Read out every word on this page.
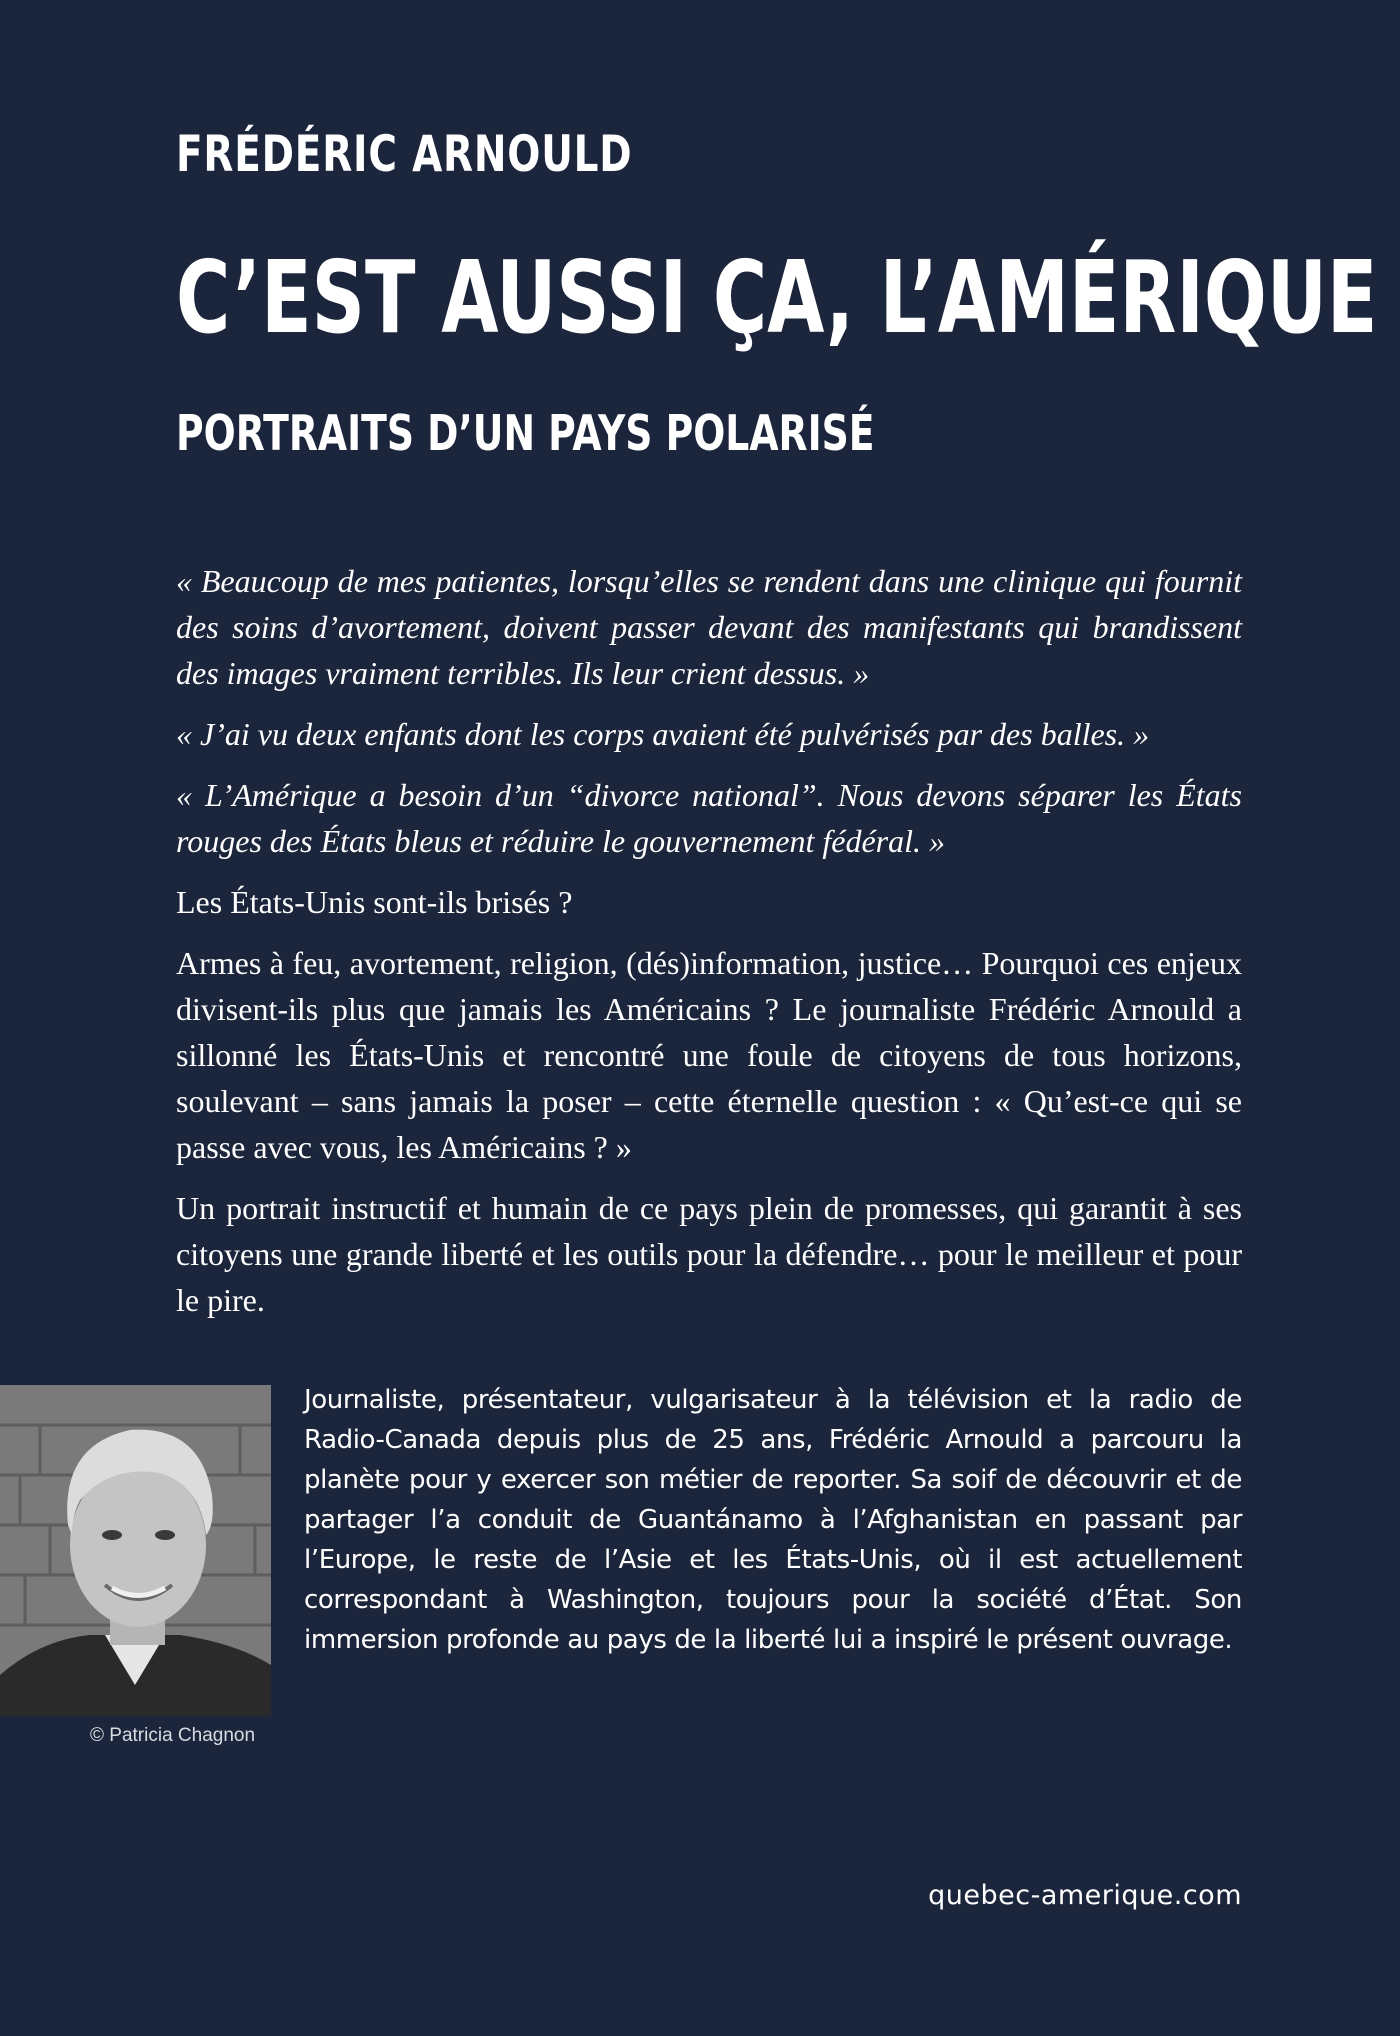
FRÉDÉRIC ARNOULD
C’EST AUSSI ÇA, L’AMÉRIQUE
PORTRAITS D’UN PAYS POLARISÉ

« Beaucoup de mes patientes, lorsqu’elles se rendent dans une clinique qui fournit des soins d’avortement, doivent passer devant des manifestants qui brandissent des images vraiment terribles. Ils leur crient dessus. »

« J’ai vu deux enfants dont les corps avaient été pulvérisés par des balles. »

« L’Amérique a besoin d’un “divorce national”. Nous devons séparer les États rouges des États bleus et réduire le gouvernement fédéral. »

Les États-Unis sont-ils brisés ?

Armes à feu, avortement, religion, (dés)information, justice… Pourquoi ces enjeux divisent-ils plus que jamais les Américains ? Le journaliste Frédéric Arnould a sillonné les États-Unis et rencontré une foule de citoyens de tous horizons, soulevant – sans jamais la poser – cette éternelle question : « Qu’est-ce qui se passe avec vous, les Américains ? »

Un portrait instructif et humain de ce pays plein de promesses, qui garantit à ses citoyens une grande liberté et les outils pour la défendre… pour le meilleur et pour le pire.

© Patricia Chagnon

Journaliste, présentateur, vulgarisateur à la télévision et la radio de Radio-Canada depuis plus de 25 ans, Frédéric Arnould a parcouru la planète pour y exercer son métier de reporter. Sa soif de découvrir et de partager l’a conduit de Guantánamo à l’Afghanistan en passant par l’Europe, le reste de l’Asie et les États-Unis, où il est actuellement correspondant à Washington, toujours pour la société d’État. Son immersion profonde au pays de la liberté lui a inspiré le présent ouvrage.

quebec-amerique.com
